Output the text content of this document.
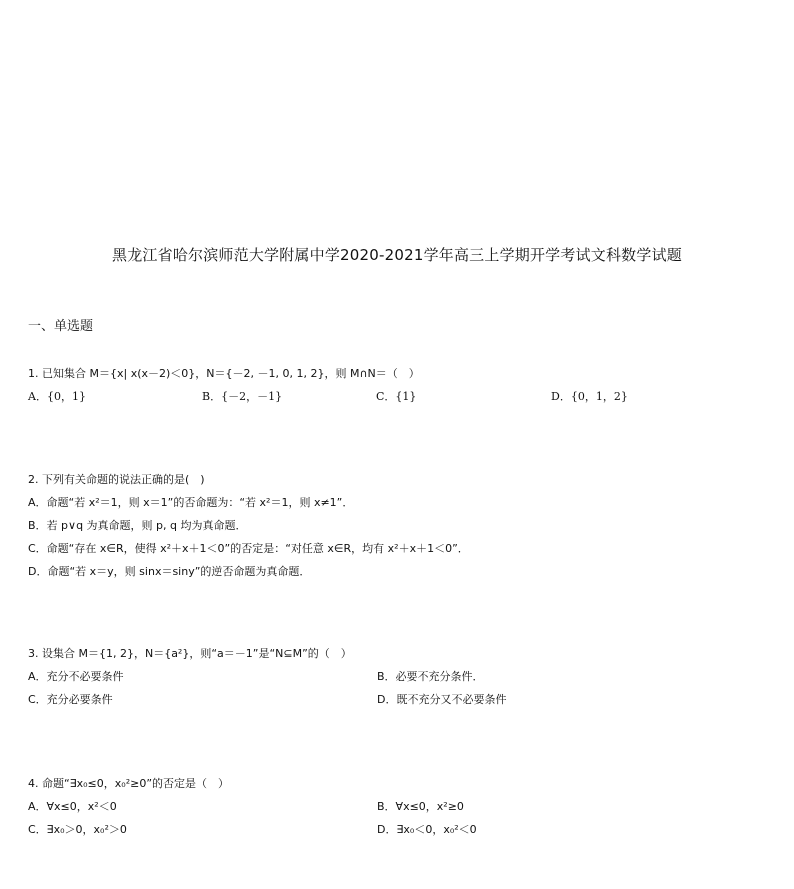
黑龙江省哈尔滨师范大学附属中学2020-2021学年高三上学期开学考试文科数学试题
一、单选题
1. 已知集合 M＝{x| x(x－2)＜0}，N＝{－2, －1, 0, 1, 2}，则 M∩N＝（　）
A．{0，1}	B．{－2，－1}	C．{1}	D．{0，1，2}
2. 下列有关命题的说法正确的是(　)
A．命题“若 x²＝1，则 x＝1”的否命题为：“若 x²＝1，则 x≠1”．
B．若 p∨q 为真命题，则 p, q 均为真命题．
C．命题“存在 x∈R，使得 x²＋x＋1＜0”的否定是：“对任意 x∈R，均有 x²＋x＋1＜0”．
D．命题“若 x＝y，则 sinx＝siny”的逆否命题为真命题．
3. 设集合 M＝{1, 2}，N＝{a²}，则“a＝－1”是“N⊆M”的（　）
A．充分不必要条件	B．必要不充分条件．
C．充分必要条件	D．既不充分又不必要条件
4. 命题“∃x₀≤0，x₀²≥0”的否定是（　）
A．∀x≤0，x²＜0	B．∀x≤0，x²≥0
C．∃x₀＞0，x₀²＞0	D．∃x₀＜0，x₀²＜0
